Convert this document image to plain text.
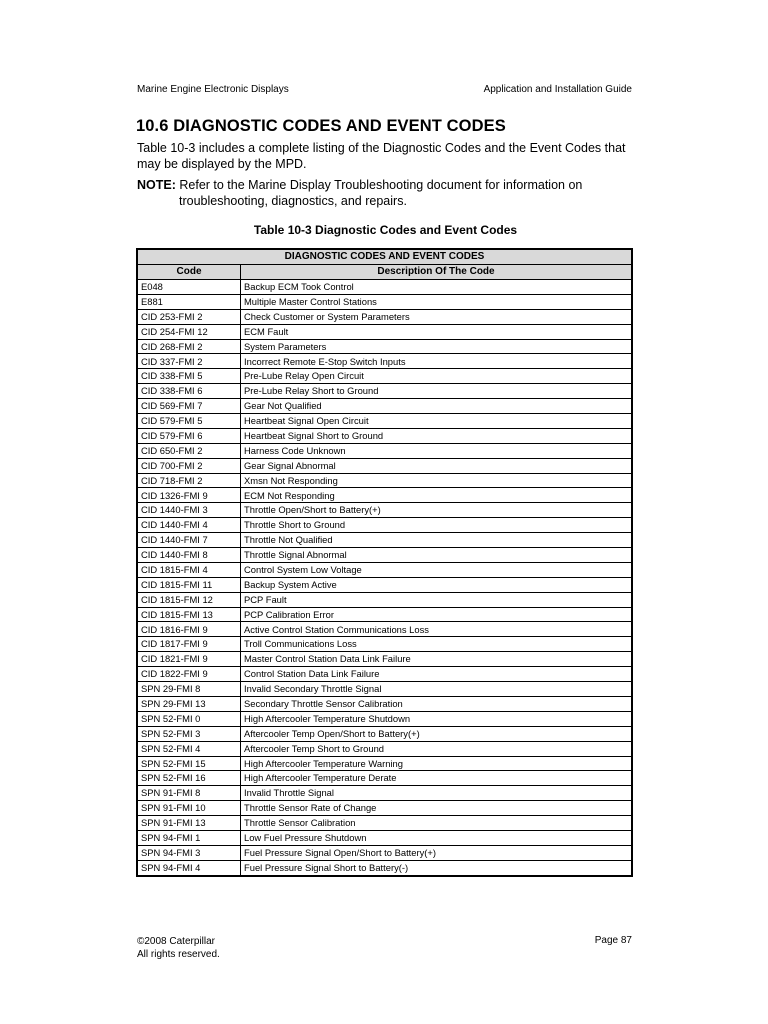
Marine Engine Electronic Displays	Application and Installation Guide
10.6 DIAGNOSTIC CODES AND EVENT CODES
Table 10-3 includes a complete listing of the Diagnostic Codes and the Event Codes that may be displayed by the MPD.
NOTE: Refer to the Marine Display Troubleshooting document for information on
troubleshooting, diagnostics, and repairs.
Table 10-3 Diagnostic Codes and Event Codes
DIAGNOSTIC CODES AND EVENT CODES	
Code	Description Of The Code
E048	Backup ECM Took Control
E881	Multiple Master Control Stations
CID 253-FMI 2	Check Customer or System Parameters
CID 254-FMI 12	ECM Fault
CID 268-FMI 2	System Parameters
CID 337-FMI 2	Incorrect Remote E-Stop Switch Inputs
CID 338-FMI 5	Pre-Lube Relay Open Circuit
CID 338-FMI 6	Pre-Lube Relay Short to Ground
CID 569-FMI 7	Gear Not Qualified
CID 579-FMI 5	Heartbeat Signal Open Circuit
CID 579-FMI 6	Heartbeat Signal Short to Ground
CID 650-FMI 2	Harness Code Unknown
CID 700-FMI 2	Gear Signal Abnormal
CID 718-FMI 2	Xmsn Not Responding
CID 1326-FMI 9	ECM Not Responding
CID 1440-FMI 3	Throttle Open/Short to Battery(+)
CID 1440-FMI 4	Throttle Short to Ground
CID 1440-FMI 7	Throttle Not Qualified
CID 1440-FMI 8	Throttle Signal Abnormal
CID 1815-FMI 4	Control System Low Voltage
CID 1815-FMI 11	Backup System Active
CID 1815-FMI 12	PCP Fault
CID 1815-FMI 13	PCP Calibration Error
CID 1816-FMI 9	Active Control Station Communications Loss
CID 1817-FMI 9	Troll Communications Loss
CID 1821-FMI 9	Master Control Station Data Link Failure
CID 1822-FMI 9	Control Station Data Link Failure
SPN 29-FMI 8	Invalid Secondary Throttle Signal
SPN 29-FMI 13	Secondary Throttle Sensor Calibration
SPN 52-FMI 0	High Aftercooler Temperature Shutdown
SPN 52-FMI 3	Aftercooler Temp Open/Short to Battery(+)
SPN 52-FMI 4	Aftercooler Temp Short to Ground
SPN 52-FMI 15	High Aftercooler Temperature Warning
SPN 52-FMI 16	High Aftercooler Temperature Derate
SPN 91-FMI 8	Invalid Throttle Signal
SPN 91-FMI 10	Throttle Sensor Rate of Change
SPN 91-FMI 13	Throttle Sensor Calibration
SPN 94-FMI 1	Low Fuel Pressure Shutdown
SPN 94-FMI 3	Fuel Pressure Signal Open/Short to Battery(+)
SPN 94-FMI 4	Fuel Pressure Signal Short to Battery(-)
©2008 Caterpillar
All rights reserved.
Page 87
